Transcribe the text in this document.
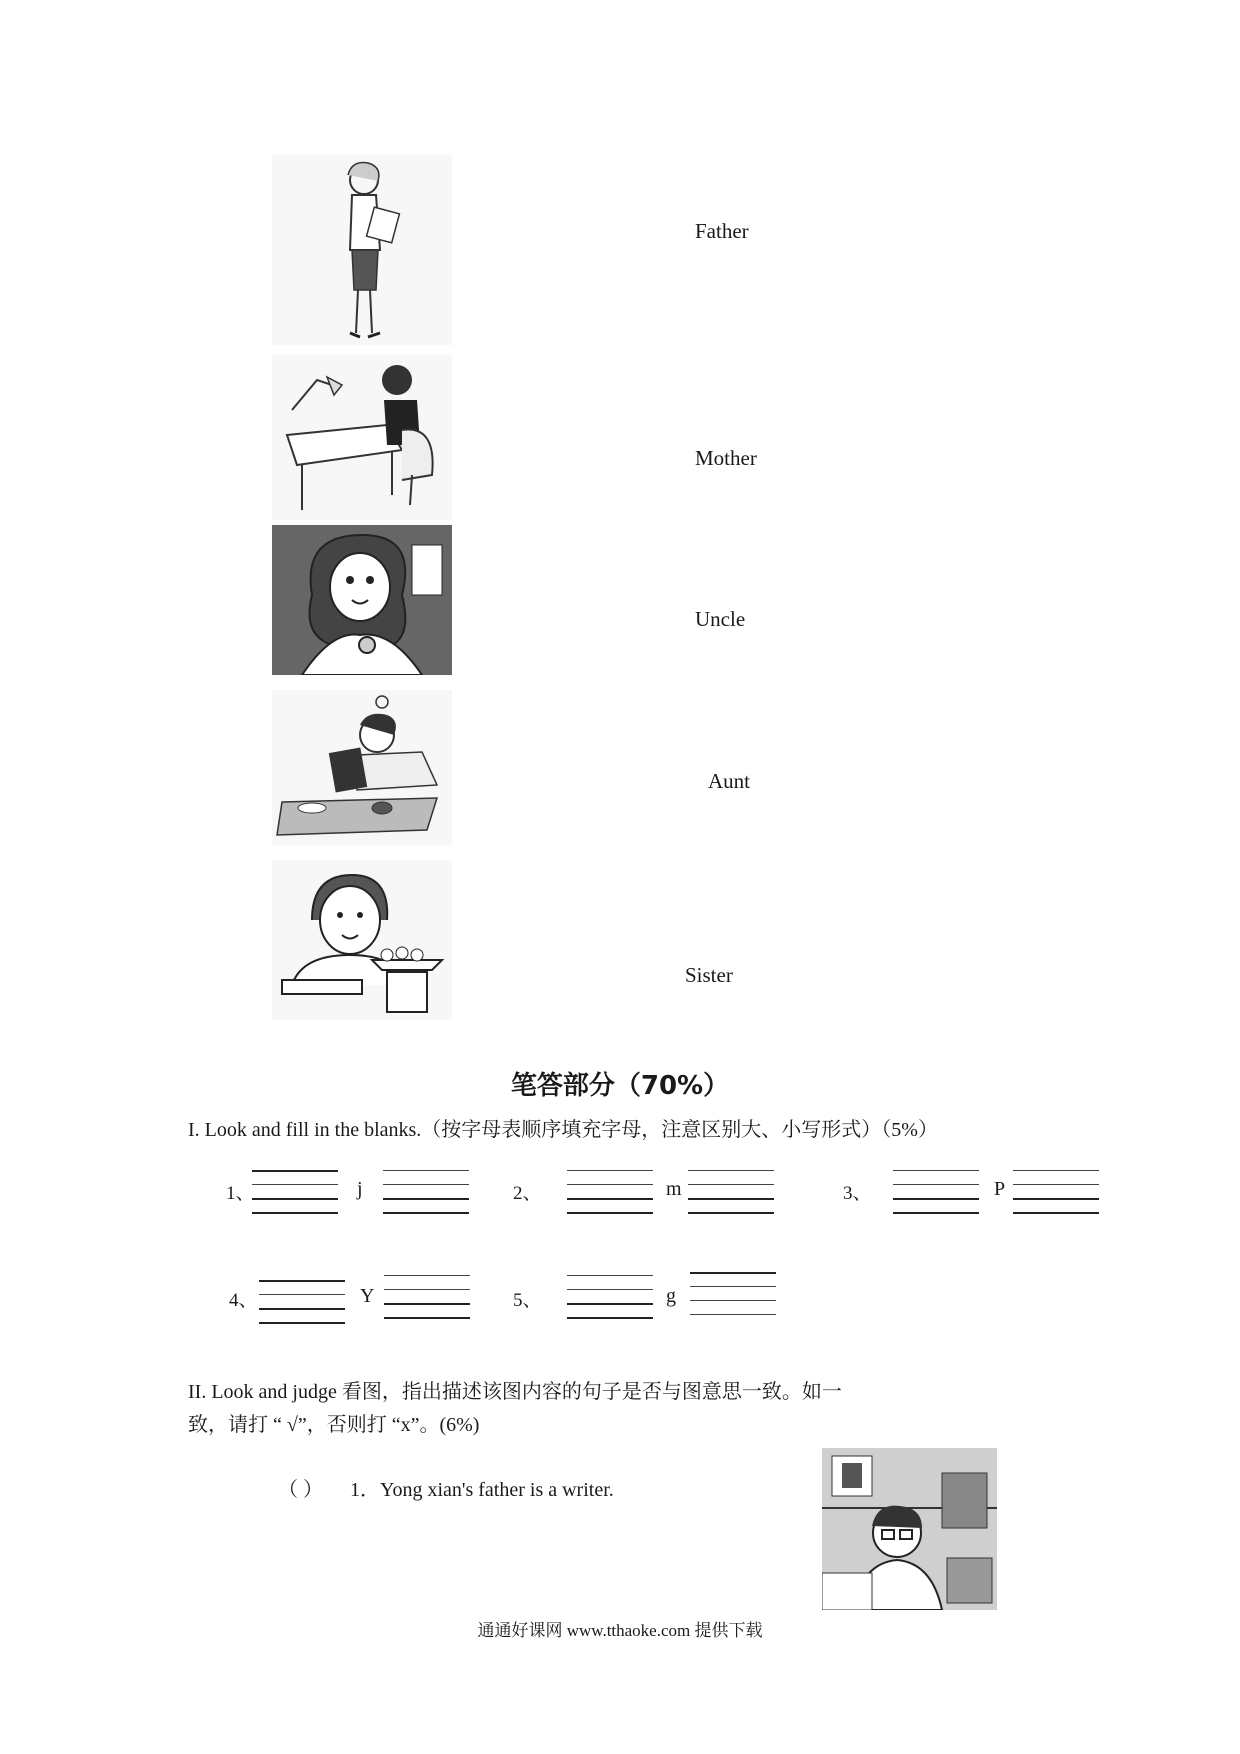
Father
Mother
Uncle
Aunt
Sister
笔答部分（70%）
I. Look and fill in the blanks.（按字母表顺序填充字母，注意区别大、小写形式）（5%）
1、	j	2、	m	3、	P
4、	Y	5、	g
II. Look and judge 看图，指出描述该图内容的句子是否与图意思一致。如一
致，请打 “ √”，否则打 “x”。(6%)
（ ） 1．Yong xian's father is a writer.
通通好课网 www.tthaoke.com 提供下载
